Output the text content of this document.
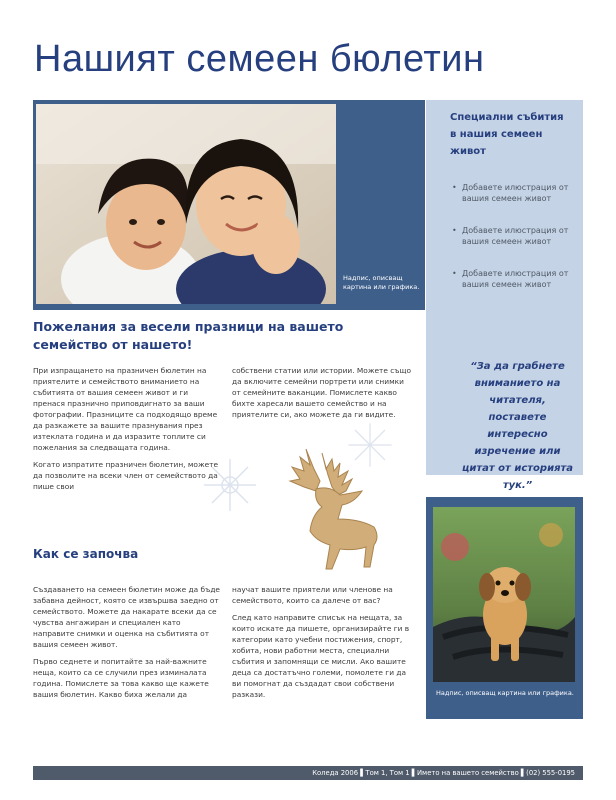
Нашият семеен бюлетин
Надпис, описващ картина или графика.
Специални събития в нашия семеен живот
• Добавете илюстрация от вашия семеен живот
• Добавете илюстрация от вашия семеен живот
• Добавете илюстрация от вашия семеен живот

“За да грабнете вниманието на читателя, поставете интересно изречение или цитат от историята тук.”

Пожелания за весели празници на вашето семейство от нашето!

При изпращането на празничен бюлетин на приятелите и семейството вниманието на събитията от вашия семеен живот и ги пренася празнично приповдигнато за ваши фотографии. Празниците са подходящо време да разкажете за вашите празнувания през изтеклата година и да изразите топлите си пожелания за следващата година.

Когато изпратите празничен бюлетин, можете да позволите на всеки член от семейството да пише свои

собствени статии или истории. Можете също да включите семейни портрети или снимки от семейните ваканции. Помислете какво бихте харесали вашето семейство и на приятелите си, ако можете да ги видите.

Как се започва

Създаването на семеен бюлетин може да бъде забавна дейност, която се извършва заедно от семейството. Можете да накарате всеки да се чувства ангажиран и специален като направите снимки и оценка на събитията от вашия семеен живот.

Първо седнете и попитайте за най-важните неща, които са се случили през изминалата година. Помислете за това какво ще кажете вашия бюлетин. Какво биха желали да

научат вашите приятели или членове на семейството, които са далече от вас?

След като направите списък на нещата, за които искате да пишете, организирайте ги в категории като учебни постижения, спорт, хобита, нови работни места, специални събития и запомнящи се мисли. Ако вашите деца са достатъчно големи, помолете ги да ви помогнат да създадат свои собствени разкази.	Надпис, описващ картина или графика.
Коледа 2006 ▌Том 1, Том 1 ▌Името на вашето семейство ▌(02) 555-0195
